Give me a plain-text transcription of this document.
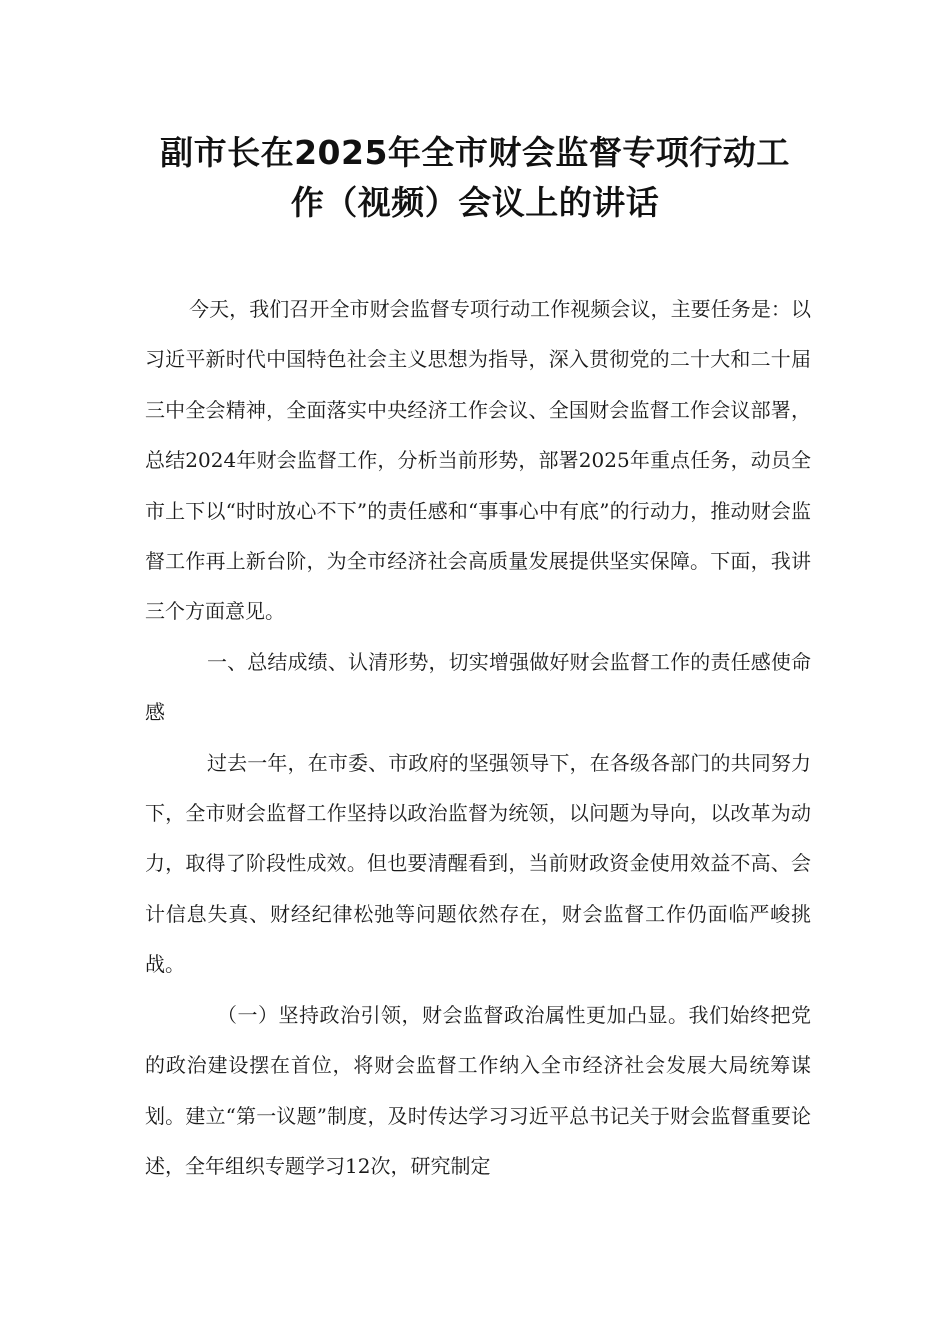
副市长在2025年全市财会监督专项行动工
作（视频）会议上的讲话

今天，我们召开全市财会监督专项行动工作视频会议，主要任务是：以习近平新时代中国特色社会主义思想为指导，深入贯彻党的二十大和二十届三中全会精神，全面落实中央经济工作会议、全国财会监督工作会议部署，总结2024年财会监督工作，分析当前形势，部署2025年重点任务，动员全市上下以“时时放心不下”的责任感和“事事心中有底”的行动力，推动财会监督工作再上新台阶，为全市经济社会高质量发展提供坚实保障。下面，我讲三个方面意见。

一、总结成绩、认清形势，切实增强做好财会监督工作的责任感使命感

过去一年，在市委、市政府的坚强领导下，在各级各部门的共同努力下，全市财会监督工作坚持以政治监督为统领，以问题为导向，以改革为动力，取得了阶段性成效。但也要清醒看到，当前财政资金使用效益不高、会计信息失真、财经纪律松弛等问题依然存在，财会监督工作仍面临严峻挑战。

（一）坚持政治引领，财会监督政治属性更加凸显。我们始终把党的政治建设摆在首位，将财会监督工作纳入全市经济社会发展大局统筹谋划。建立“第一议题”制度，及时传达学习习近平总书记关于财会监督重要论述，全年组织专题学习12次，研究制定
